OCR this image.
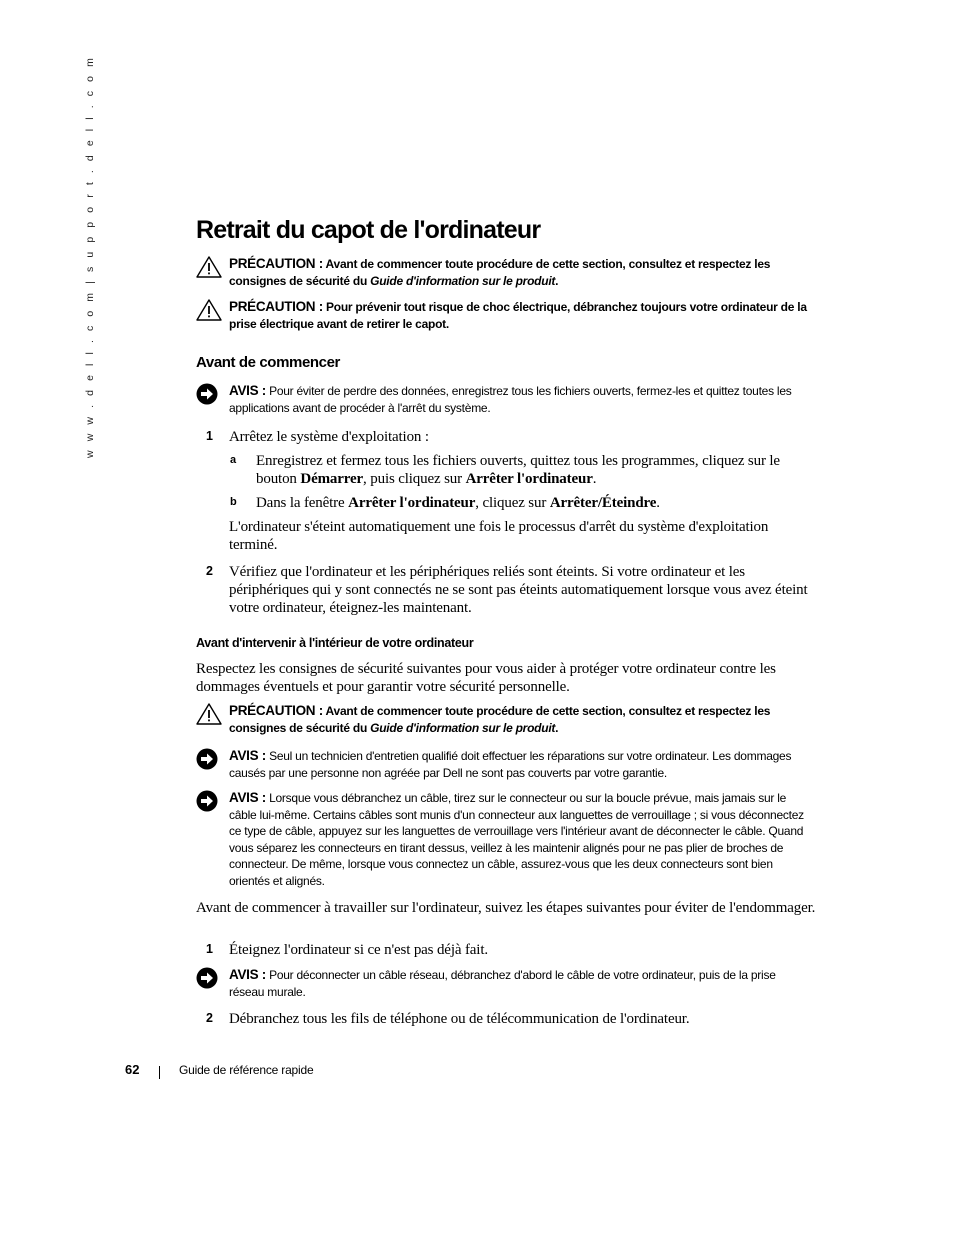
w w w . d e l l . c o m | s u p p o r t . d e l l . c o m	Retrait du capot de l'ordinateur
PRÉCAUTION : Avant de commencer toute procédure de cette section, consultez et respectez les consignes de sécurité du Guide d'information sur le produit.
PRÉCAUTION : Pour prévenir tout risque de choc électrique, débranchez toujours votre ordinateur de la prise électrique avant de retirer le capot.
Avant de commencer
AVIS : Pour éviter de perdre des données, enregistrez tous les fichiers ouverts, fermez-les et quittez toutes les applications avant de procéder à l'arrêt du système.
1 Arrêtez le système d'exploitation :
a Enregistrez et fermez tous les fichiers ouverts, quittez tous les programmes, cliquez sur le bouton Démarrer, puis cliquez sur Arrêter l'ordinateur.
b Dans la fenêtre Arrêter l'ordinateur, cliquez sur Arrêter/Éteindre.
L'ordinateur s'éteint automatiquement une fois le processus d'arrêt du système d'exploitation terminé.
2 Vérifiez que l'ordinateur et les périphériques reliés sont éteints. Si votre ordinateur et les périphériques qui y sont connectés ne se sont pas éteints automatiquement lorsque vous avez éteint votre ordinateur, éteignez-les maintenant.
Avant d'intervenir à l'intérieur de votre ordinateur
Respectez les consignes de sécurité suivantes pour vous aider à protéger votre ordinateur contre les dommages éventuels et pour garantir votre sécurité personnelle.
PRÉCAUTION : Avant de commencer toute procédure de cette section, consultez et respectez les consignes de sécurité du Guide d'information sur le produit.
AVIS : Seul un technicien d'entretien qualifié doit effectuer les réparations sur votre ordinateur. Les dommages causés par une personne non agréée par Dell ne sont pas couverts par votre garantie.
AVIS : Lorsque vous débranchez un câble, tirez sur le connecteur ou sur la boucle prévue, mais jamais sur le câble lui-même. Certains câbles sont munis d'un connecteur aux languettes de verrouillage ; si vous déconnectez ce type de câble, appuyez sur les languettes de verrouillage vers l'intérieur avant de déconnecter le câble. Quand vous séparez les connecteurs en tirant dessus, veillez à les maintenir alignés pour ne pas plier de broches de connecteur. De même, lorsque vous connectez un câble, assurez-vous que les deux connecteurs sont bien orientés et alignés.
Avant de commencer à travailler sur l'ordinateur, suivez les étapes suivantes pour éviter de l'endommager.
1 Éteignez l'ordinateur si ce n'est pas déjà fait.
AVIS : Pour déconnecter un câble réseau, débranchez d'abord le câble de votre ordinateur, puis de la prise réseau murale.
2 Débranchez tous les fils de téléphone ou de télécommunication de l'ordinateur.
62	Guide de référence rapide
